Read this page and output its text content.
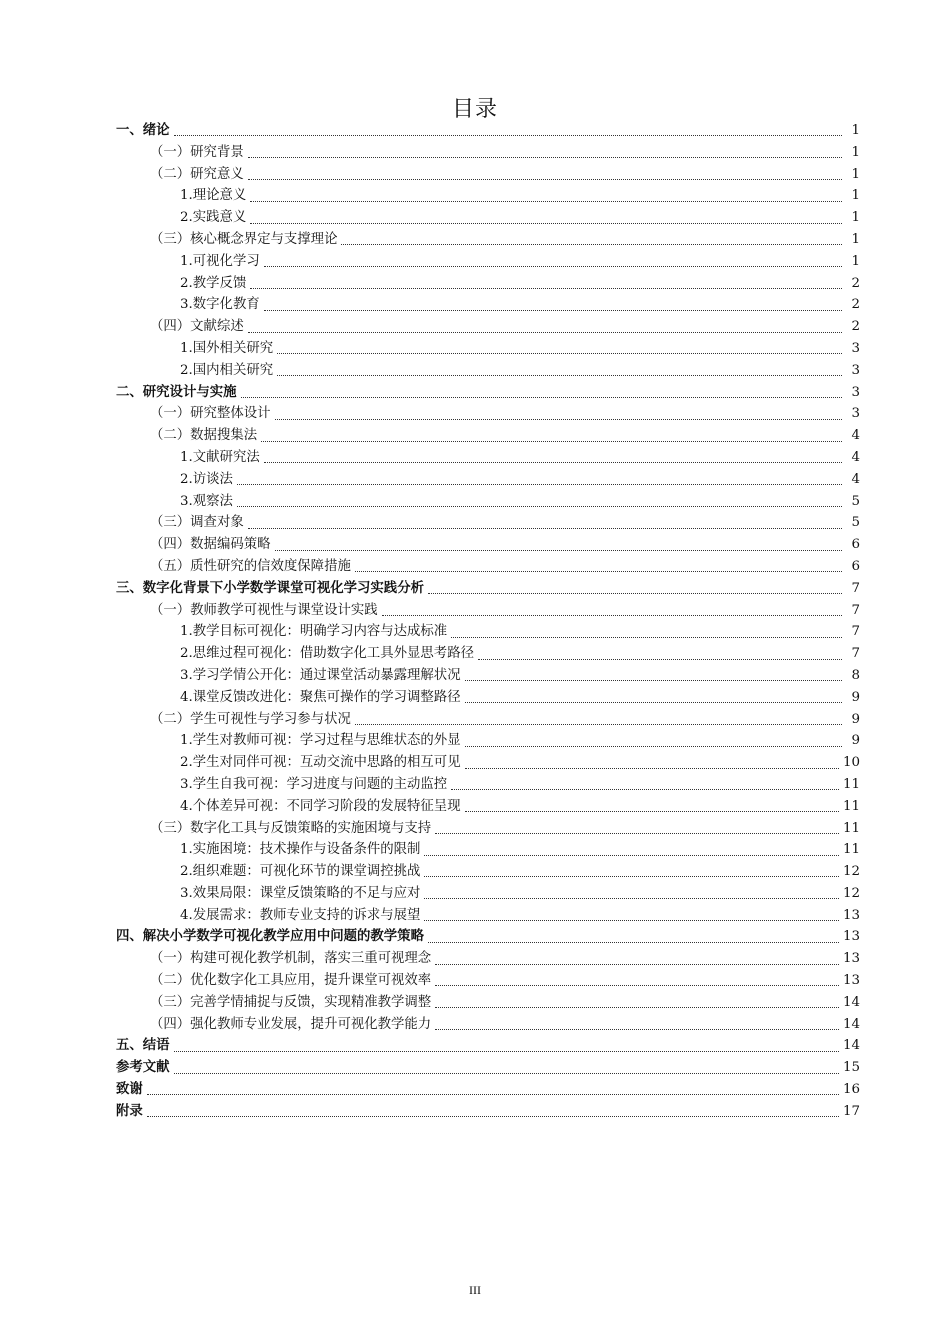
目录
一、绪论	1
（一）研究背景	1
（二）研究意义	1
1.理论意义	1
2.实践意义	1
（三）核心概念界定与支撑理论	1
1.可视化学习	1
2.教学反馈	2
3.数字化教育	2
（四）文献综述	2
1.国外相关研究	3
2.国内相关研究	3
二、研究设计与实施	3
（一）研究整体设计	3
（二）数据搜集法	4
1.文献研究法	4
2.访谈法	4
3.观察法	5
（三）调查对象	5
（四）数据编码策略	6
（五）质性研究的信效度保障措施	6
三、数字化背景下小学数学课堂可视化学习实践分析	7
（一）教师教学可视性与课堂设计实践	7
1.教学目标可视化：明确学习内容与达成标准	7
2.思维过程可视化：借助数字化工具外显思考路径	7
3.学习学情公开化：通过课堂活动暴露理解状况	8
4.课堂反馈改进化：聚焦可操作的学习调整路径	9
（二）学生可视性与学习参与状况	9
1.学生对教师可视：学习过程与思维状态的外显	9
2.学生对同伴可视：互动交流中思路的相互可见	10
3.学生自我可视：学习进度与问题的主动监控	11
4.个体差异可视：不同学习阶段的发展特征呈现	11
（三）数字化工具与反馈策略的实施困境与支持	11
1.实施困境：技术操作与设备条件的限制	11
2.组织难题：可视化环节的课堂调控挑战	12
3.效果局限：课堂反馈策略的不足与应对	12
4.发展需求：教师专业支持的诉求与展望	13
四、解决小学数学可视化教学应用中问题的教学策略	13
（一）构建可视化教学机制，落实三重可视理念	13
（二）优化数字化工具应用，提升课堂可视效率	13
（三）完善学情捕捉与反馈，实现精准教学调整	14
（四）强化教师专业发展，提升可视化教学能力	14
五、结语	14
参考文献	15
致谢	16
附录	17
III
